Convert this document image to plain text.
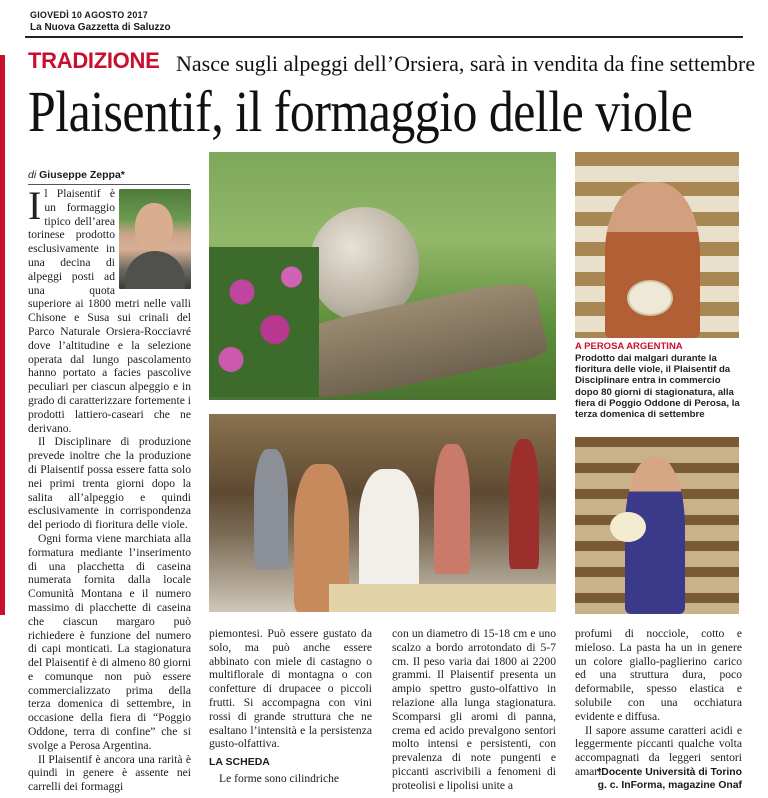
GIOVEDÌ 10 AGOSTO 2017
La Nuova Gazzetta di Saluzzo
TRADIZIONE Nasce sugli alpeggi dell’Orsiera, sarà in vendita da fine settembre
Plaisentif, il formaggio delle viole
di Giuseppe Zeppa*

Il Plaisentif è un formaggio tipico dell’area torinese prodotto esclusivamente in una decina di alpeggi posti ad una quota superiore ai 1800 metri nelle valli Chisone e Susa sui crinali del Parco Naturale Orsiera-Rocciavré dove l’altitudine e la selezione operata dal lungo pascolamento hanno portato a facies pascolive peculiari per ciascun alpeggio e in grado di caratterizzare fortemente i prodotti lattiero-caseari che ne derivano.

Il Disciplinare di produzione prevede inoltre che la produzione di Plaisentif possa essere fatta solo nei primi trenta giorni dopo la salita all’alpeggio e quindi esclusivamente in corrispondenza del periodo di fioritura delle viole.

Ogni forma viene marchiata alla formatura mediante l’inserimento di una placchetta di caseina numerata fornita dalla locale Comunità Montana e il numero massimo di placchette di caseina che ciascun margaro può richiedere è funzione del numero di capi monticati. La stagionatura del Plaisentif è di almeno 80 giorni e comunque non può essere commercializzato prima della terza domenica di settembre, in occasione della fiera di “Poggio Oddone, terra di confine” che si svolge a Perosa Argentina.

Il Plaisentif è ancora una rarità è quindi in genere è assente nei carrelli dei formaggi

A PEROSA ARGENTINA
Prodotto dai malgari durante la fioritura delle viole, il Plaisentif da Disciplinare entra in commercio dopo 80 giorni di stagionatura, alla fiera di Poggio Oddone di Perosa, la terza domenica di settembre

piemontesi. Può essere gustato da solo, ma può anche essere abbinato con miele di castagno o multiflorale di montagna o con confetture di drupacee o piccoli frutti. Si accompagna con vini rossi di grande struttura che ne esaltano l’intensità e la persistenza gusto-olfattiva.

LA SCHEDA

Le forme sono cilindriche

con un diametro di 15-18 cm e uno scalzo a bordo arrotondato di 5-7 cm. Il peso varia dai 1800 ai 2200 grammi. Il Plaisentif presenta un ampio spettro gusto-olfattivo in relazione alla lunga stagionatura. Scomparsi gli aromi di panna, crema ed acido prevalgono sentori molto intensi e persistenti, con prevalenza di note pungenti e piccanti ascrivibili a fenomeni di proteolisi e lipolisi unite a

profumi di nocciole, cotto e mieloso. La pasta ha un in genere un colore giallo-paglierino carico ed una struttura dura, poco deformabile, spesso elastica e solubile con una occhiatura evidente e diffusa.

Il sapore assume caratteri acidi e leggermente piccanti qualche volta accompagnati da leggeri sentori amari.

*Docente Università di Torino
g. c. InForma, magazine Onaf
